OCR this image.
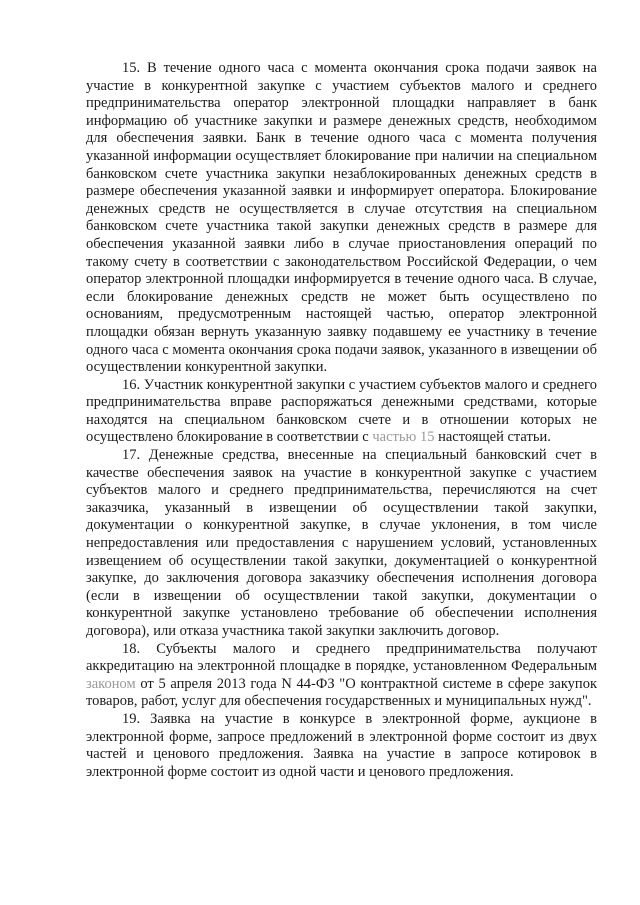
15. В течение одного часа с момента окончания срока подачи заявок на участие в конкурентной закупке с участием субъектов малого и среднего предпринимательства оператор электронной площадки направляет в банк информацию об участнике закупки и размере денежных средств, необходимом для обеспечения заявки. Банк в течение одного часа с момента получения указанной информации осуществляет блокирование при наличии на специальном банковском счете участника закупки незаблокированных денежных средств в размере обеспечения указанной заявки и информирует оператора. Блокирование денежных средств не осуществляется в случае отсутствия на специальном банковском счете участника такой закупки денежных средств в размере для обеспечения указанной заявки либо в случае приостановления операций по такому счету в соответствии с законодательством Российской Федерации, о чем оператор электронной площадки информируется в течение одного часа. В случае, если блокирование денежных средств не может быть осуществлено по основаниям, предусмотренным настоящей частью, оператор электронной площадки обязан вернуть указанную заявку подавшему ее участнику в течение одного часа с момента окончания срока подачи заявок, указанного в извещении об осуществлении конкурентной закупки.

16. Участник конкурентной закупки с участием субъектов малого и среднего предпринимательства вправе распоряжаться денежными средствами, которые находятся на специальном банковском счете и в отношении которых не осуществлено блокирование в соответствии с частью 15 настоящей статьи.

17. Денежные средства, внесенные на специальный банковский счет в качестве обеспечения заявок на участие в конкурентной закупке с участием субъектов малого и среднего предпринимательства, перечисляются на счет заказчика, указанный в извещении об осуществлении такой закупки, документации о конкурентной закупке, в случае уклонения, в том числе непредоставления или предоставления с нарушением условий, установленных извещением об осуществлении такой закупки, документацией о конкурентной закупке, до заключения договора заказчику обеспечения исполнения договора (если в извещении об осуществлении такой закупки, документации о конкурентной закупке установлено требование об обеспечении исполнения договора), или отказа участника такой закупки заключить договор.

18. Субъекты малого и среднего предпринимательства получают аккредитацию на электронной площадке в порядке, установленном Федеральным законом от 5 апреля 2013 года N 44-ФЗ "О контрактной системе в сфере закупок товаров, работ, услуг для обеспечения государственных и муниципальных нужд".

19. Заявка на участие в конкурсе в электронной форме, аукционе в электронной форме, запросе предложений в электронной форме состоит из двух частей и ценового предложения. Заявка на участие в запросе котировок в электронной форме состоит из одной части и ценового предложения.
